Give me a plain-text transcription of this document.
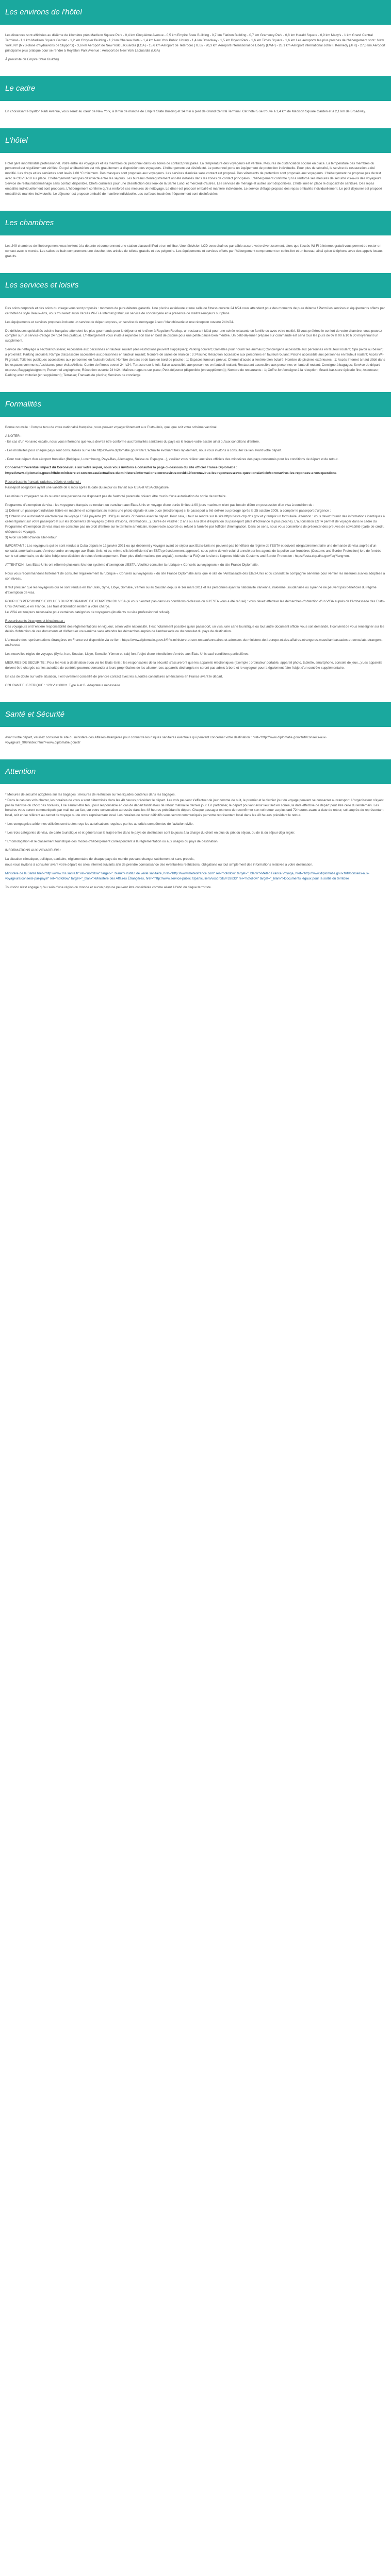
Les environs de l'hôtel

Les distances sont affichées au dixième de kilomètre près Madison Square Park - 0,4 km Cinquième Avenue - 0,5 km Empire State Building - 0,7 km Flatiron Building - 0,7 km Gramercy Park - 0,8 km Herald Square - 0,9 km Macy's - 1 km Grand Central Terminal - 1,1 km Madison Square Garden - 1,2 km Chrysler Building - 1,2 km Chelsea Hotel - 1,4 km New York Public Library - 1,4 km Broadway - 1,5 km Bryant Park - 1,6 km Times Square - 1,6 km Les aéroports les plus proches de l'hébergement sont : New York, NY (NYS-Base d'hydravions de Skyports) - 3,6 km Aéroport de New York LaGuardia (LGA) - 15,6 km Aéroport de Teterboro (TEB) - 20,3 km Aéroport international de Liberty (EWR) - 28,1 km Aéroport international John F. Kennedy (JFK) - 27,6 km Aéroport principal le plus pratique pour se rendre à Royalton Park Avenue : Aéroport de New York LaGuardia (LGA)

À proximité de Empire State Building

Le cadre

En choisissant Royalton Park Avenue, vous serez au cœur de New York, à 8 min de marche de Empire State Building et 14 min à pied de Grand Central Terminal. Cet hôtel 5 se trouve à 1,4 km de Madison Square Garden et à 2,1 km de Broadway.

L'hôtel

Hôtel géré innombrable professionnel. Votre entre les voyageurs et les membres du personnel dans les zones de contact principales. La température des voyageurs est vérifiée. Mesures de distanciation sociale en place. La température des membres du personnel est régulièrement vérifiée. Du gel antibactérien est mis gratuitement à disposition des voyageurs. L'hébergement est désinfecté. Le personnel porte un équipement de protection individuelle. Pour plus de sécurité, le service de restauration a été modifié. Les draps et les serviettes sont lavés à 60 °C minimum. Des masques sont proposés aux voyageurs. Les services d'arrivée sans contact est proposé. Des vêtements de protection sont proposés aux voyageurs. L'hébergement ne propose pas de test avec le COVID-19 sur place. L'hébergement n'est pas désinfecté entre les séjours. Les bureaux d'enregistrement ont été installés dans les zones de contact principales. L'hébergement confirme qu'il a renforcé ses mesures de sécurité vis-à-vis des voyageurs. Service de restauration/ménage sans contact disponible. Chefs cuisiniers pour une désinfection des lieux de la Santé Lundi et mercredi d'autres. Les services de ménage et autres sont disponibles. L'hôtel met en place le dispositif de sanitaire. Des repas emballés individuellement sont proposés. L'hébergement confirme qu'il a renforcé ses mesures de nettoyage. Le dîner est proposé emballé et manière individuelle. Le service d'étage propose des repas emballés individuellement. Le petit déjeuner est proposé emballé de manière individuelle. Le déjeuner est proposé emballé de manière individuelle. Les surfaces touchées fréquemment sont désinfectées.

Les chambres

Les 249 chambres de l'hébergement vous invitent à la détente et comprennent une station d'accueil iPod et un minibar. Une télévision LCD avec chaînes par câble assure votre divertissement, alors que l'accès Wi-Fi à Internet gratuit vous permet de rester en contact avec le monde. Les salles de bain comprennent une douche, des articles de toilette gratuits et des peignoirs. Les équipements et services offerts par l'hébergement comprennent un coffre-fort et un bureau, ainsi qu'un téléphone avec des appels locaux gratuits.

Les services et loisirs

Des soins corporels et des soins du visage vous sont proposés : moments de pure détente garantis. Une piscine extérieure et une salle de fitness ouverte 24 h/24 vous attendent pour des moments de pure détente ! Parmi les services et équipements offerts par cet hôtel de style Beaux-Arts, vous trouverez aussi l'accès Wi-Fi à Internet gratuit, un service de conciergerie et la présence de maîtres-nageurs sur place.

Les équipements et services proposés incluent un service de départ express, un service de nettoyage à sec / blanchisserie et une réception ouverte 24 h/24.

De délicieuses spécialités cuisine française attendent les plus gourmands pour le déjeuner et le dîner à Royalton Rooftop, un restaurant idéal pour une soirée relaxante en famille ou avec votre moitié. Si vous préférez le confort de votre chambre, vous pouvez compter sur un service d'étage 24 h/24 très pratique. L'hébergement vous invite à rejoindre son bar en bord de piscine pour une petite pause bien méritée. Un petit-déjeuner préparé sur commande est servi tous les jours de 07 h 00 à 10 h 30 moyennant un supplément.

Service de nettoyage à sec/blanchisserie; Accessible aux personnes en fauteuil roulant (des restrictions peuvent s'appliquer); Parking couvert; Gamelles pour nourrir les animaux; Conciergerie accessible aux personnes en fauteuil roulant; Spa (avoir au besoin) à proximité; Parking sécurisé; Rampe d'accessoire accessible aux personnes en fauteuil roulant; Nombre de salles de réunion : 3; Piscine; Réception accessible aux personnes en fauteuil roulant; Piscine accessible aux personnes en fauteuil roulant; Accès Wi-Fi gratuit; Toilettes publiques accessibles aux personnes en fauteuil roulant; Nombre de bars et de bars en bord de piscine : 1; Espaces fumeurs prévus; Chemin d'accès à l'entrée bien éclairé; Nombre de piscines extérieures : 1; Accès Internet à haut débit dans les espaces communs; Assistance pour visites/billets; Centre de fitness ouvert 24 h/24; Terrasse sur le toit; Salon accessible aux personnes en fauteuil roulant; Restaurant accessible aux personnes en fauteuil roulant; Consigne à bagages; Service de départ express; Baggagiste/groom; Personnel anglophone; Réception ouverte 24 h/24; Maîtres-nageurs sur place; Petit-déjeuner (disponible (en supplément)); Nombre de restaurants : 1; Coffre-fort/consigne à la réception; Snack bar-store épicerie fine; Ascenseur; Parking avec voiturier (en supplément); Terrasse; Transats de piscine; Services de concierge

Formalités

Bonne nouvelle : Compte tenu de votre nationalité française, vous pouvez voyager librement aux Etats-Unis, quel que soit votre schéma vaccinal.

A NOTER :

- En cas d'un vol avec escale, nous vous informons que vous devrez être conforme aux formalités sanitaires du pays où le trouve votre escale ainsi qu'aux conditions d'entrée.

- Les modalités pour chaque pays sont consultables sur le site https://www.diplomatie.gouv.fr/fr/ L'actualité évoluant très rapidement, nous vous invitons à consulter ce lien avant votre départ.

- Pour tout départ d'un aéroport frontalier (Belgique, Luxembourg, Pays-Bas, Allemagne, Suisse ou Espagne...), veuillez vous référer aux sites officiels des ministères des pays concernés pour les conditions de départ et de retour.

Concernant l'éventuel impact du Coronavirus sur votre séjour, nous vous invitons à consulter la page ci-dessous du site officiel France Diplomatie :

https://www.diplomatie.gouv.fr/fr/le-ministere-et-son-reseau/actualites-du-ministere/informations-coronavirus-covid-19/coronavirus-les-reponses-a-vos-questions/article/coronavirus-les-reponses-a-vos-questions

Ressortissants français (adultes, bébés et enfants) :

Passeport obligatoire ayant une validité de 6 mois après la date du séjour ou transit aux USA et VISA obligatoire.

Les mineurs voyageant seuls ou avec une personne ne disposant pas de l'autorité parentale doivent être munis d'une autorisation de sortie de territoire.

Programme d'exemption de visa : les voyageurs français se rendant ou transitant aux Etats-Unis en voyage d'une durée limitée à 90 jours maximum n'ont pas besoin d'être en possession d'un visa à condition de :

1) Détenir un passeport individuel lisible en machine et comportant au moins une photo digitale et une puce (électronique) si le passeport a été délivré ou prorogé après le 25 octobre 2005, à compter le passeport d'urgence ;

2) Obtenir une autorisation électronique de voyage ESTA payante (21 USD) au moins 72 heures avant le départ. Pour cela, il faut se rendre sur le site https://esta.cbp.dhs.gov et y remplir un formulaire. Attention : vous devez fournir des informations identiques à celles figurant sur votre passeport et sur les documents de voyages (billets d'avions, informations...). Durée de validité : 2 ans ou à la date d'expiration du passeport (date d'échéance la plus proche). L'autorisation ESTA permet de voyager dans le cadre du Programme d'exemption de visa mais ne constitue pas un droit d'entrée sur le territoire américain, lequel reste accordé ou refusé à l'arrivée par l'officier d'immigration. Dans ce sens, nous vous conseillons de présenter des preuves de solvabilité (carte de crédit, chèques de voyage).

3) Avoir un billet d'avion aller-retour.

IMPORTANT : Les voyageurs qui se sont rendus à Cuba depuis le 12 janvier 2021 ou qui détienent y voyager avant ce séjour aux Etats-Unis ne peuvent pas bénéficier du régime de l'ESTA et doivent obligatoirement faire une demande de visa auprès d'un consulat américain avant d'entreprendre un voyage aux Etats-Unis, et ce, même s'ils bénéficient d'un ESTA précédemment approuvé, sous peine de voir celui-ci annulé par les agents de la police aux frontières (Customs and Border Protection) lors de l'entrée sur le sol américain, ou de faire l'objet une décision de refus d'embarquement. Pour plus d'informations (en anglais), consulter la FAQ sur le site de l'agence fédérale Customs and Border Protection : https://esta.cbp.dhs.gov/faq?lang=en.

ATTENTION : Les Etats-Unis ont réformé plusieurs fois leur système d'exemption d'ESTA. Veuillez consulter la rubrique « Conseils au voyageurs » du site France Diplomatie.

Nous vous recommandons fortement de consulter régulièrement la rubrique « Conseils au voyageurs » du site France Diplomatie ainsi que le site de l'Ambassade des États-Unis et du consulat le compagnie aérienne pour vérifier les mesures suivies adoptées à son niveau.

Il faut préciser que les voyageurs qui se sont rendus en Iran, Irak, Syrie, Libye, Somalie, Yémen ou au Soudan depuis le 1er mars 2011 et les personnes ayant la nationalité iranienne, irakienne, soudanaise ou syrienne ne peuvent pas bénéficier du régime d'exemption de visa.

POUR LES PERSONNES EXCLUES DU PROGRAMME D'EXEMPTION DU VISA (si vous n'entrez pas dans les conditions ci-dessus ou si l'ESTA vous a été refusé) : vous devez effectuer les démarches d'obtention d'un VISA auprès de l'Ambassade des Etats-Unis d'Amérique en France. Les frais d'obtention restent à votre charge.

Le VISA est toujours nécessaire pour certaines catégories de voyageurs (étudiants ou visa professionnel refusé).

Ressortissants étrangers et binationaux :

Ces voyageurs ont l'entière responsabilité des réglementations en vigueur, selon votre nationalité. Il est notamment possible qu'un passeport, un visa, une carte touristique ou tout autre document officiel vous soit demandé. Il convient de vous renseigner sur les délais d'obtention de ces documents et d'effectuer vous-même sans attendre les démarches auprès de l'ambassade ou du consulat du pays de destination.

L'annuaire des représentations étrangères en France est disponible via ce lien : https://www.diplomatie.gouv.fr/fr/le-ministere-et-son-reseau/annuaires-et-adresses-du-ministere-de-l-europe-et-des-affaires-etrangeres-maeei/ambassades-et-consulats-etrangers-en-france/

Les nouvelles règles de voyages (Syrie, Iran, Soudan, Libye, Somalie, Yémen et Irak) font l'objet d'une interdiction d'entrée aux États-Unis sauf conditions particulières.

MESURES DE SECURITE : Pour les vols à destination et/ou via les Etats-Unis : les responsables de la sécurité s'assureront que les appareils électroniques (exemple : ordinateur portable, appareil photo, tablette, smartphone, console de jeux...) Les appareils doivent être chargés car les autorités de contrôle pourront demander à leurs propriétaires de les allumer. Les appareils déchargés ne seront pas admis à bord et le voyageur pourra également faire l'objet d'un contrôle supplémentaire.

En cas de doute sur votre situation, il est vivement conseillé de prendre contact avec les autorités consulaires américaines en France avant le départ.

COURANT ELECTRIQUE : 120 V et 60Hz. Type A et B. Adaptateur nécessaire.

Santé et Sécurité

Avant votre départ, veuillez consulter le site du ministère des Affaires étrangères pour connaître les risques sanitaires éventuels qui peuvent concerner votre destination : href="http://www.diplomatie.gouv.fr/fr/conseils-aux-voyageurs_909/index.html">www.diplomatie.gouv.fr

Attention

* Mesures de sécurité adoptées sur les bagages : mesures de restriction sur les liquides contenus dans les bagages.

* Dans le cas des vols charter, les horaires de vous a sont déterminés dans les 48 heures précédant le départ. Les vols peuvent s'effectuer de jour comme de nuit, le premier et le dernier jour du voyage peuvent se consacrer au transport. L'organisateur n'ayant pas la maîtrise du choix des horaires, il ne saurait être tenu pour responsable en cas de départ tardif et/ou de retour matinal le dernier jour. En particulier, le départ pouvant avoir lieu tard en soirée, la date effective de départ peut être celle du lendemain. Les horaires vous seront communiqués par mail ou par fax, sur votre convocation adressée dans les 48 heures précédant le départ. Chaque passager est tenu de reconfirmer son vol retour au plus tard 72 heures avant la date de retour, soit auprès du représentant local, soit en se référant au carnet de voyage ou de votre représentant local. Les horaires de retour définitifs vous seront communiqués par votre représentant local dans les 48 heures précédant le retour.

* Les compagnies aériennes utilisées sont toutes reçu les autorisations requises par les autorités compétentes de l'aviation civile.

* Les trois catégories de visa, de carte touristique et et général sur le trajet entre dans le pays de destination sont toujours à la charge du client en plus du prix du séjour, ou de la du séjour déjà régler.

* L'homologation et le classement touristique des modes d'hébergement correspondent à la réglementation ou aux usages du pays de destination.

INFORMATIONS AUX VOYAGEURS :

La situation climatique, politique, sanitaire, réglementaire de chaque pays du monde pouvant changer subitement et sans préavis,

nous vous invitons à consulter avant votre départ les sites Internet suivants afin de prendre connaissance des éventuelles restrictions, obligations ou tout simplement des informations relatives à votre destination.

Ministère de la Santé href="http://www.ms.sante.fr" rel="nofollow" target="_blank">Institut de veille sanitaire, href="http://www.meteofrance.com" rel="nofollow" target="_blank">Météo France Voyage, href="http://www.diplomatie.gouv.fr/fr/conseils-aux-voyageurs/conseils-par-pays/" rel="nofollow" target="_blank">Ministère des Affaires Étrangères, href="http://www.service-public.fr/particuliers/vosdroits/F33833" rel="nofollow" target="_blank">Documents légaux pour la sortie du territoire

Touristico n'est engagé qu'au sein d'une région du monde et aucun pays ne peuvent être considérés comme aliant à l'abri du risque terroriste.
